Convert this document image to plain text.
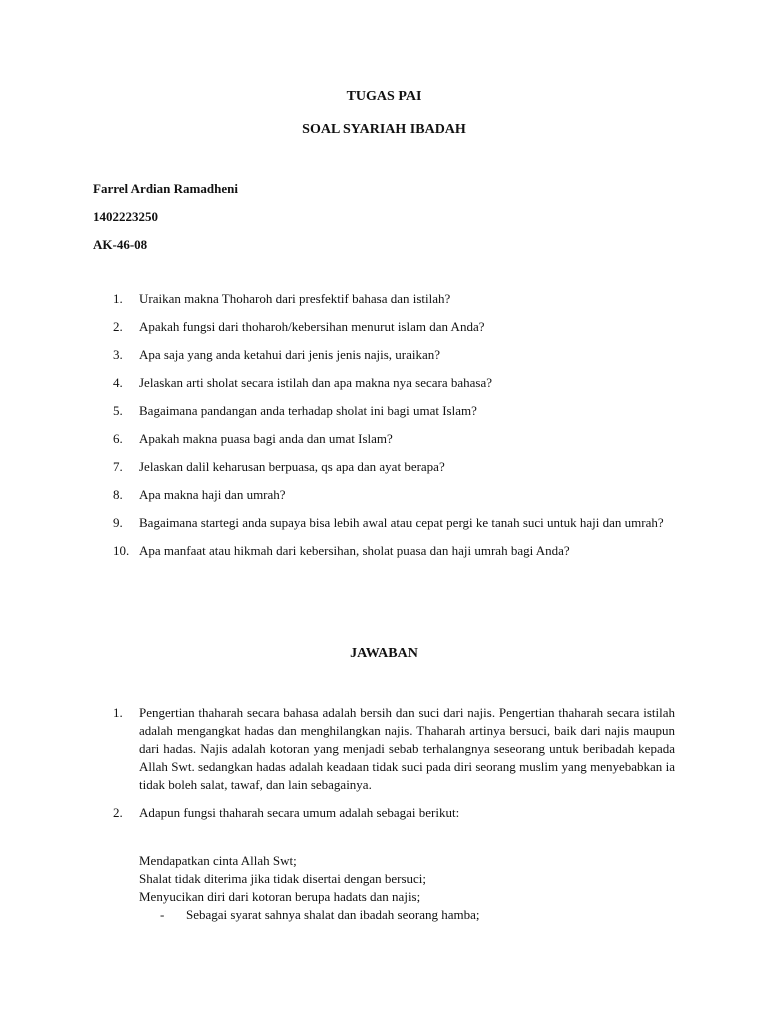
TUGAS PAI
SOAL SYARIAH IBADAH
Farrel Ardian Ramadheni
1402223250
AK-46-08
1.	Uraikan makna Thoharoh dari presfektif bahasa dan istilah?
2.	Apakah fungsi dari thoharoh/kebersihan menurut islam dan Anda?
3.	Apa saja yang anda ketahui dari jenis jenis najis, uraikan?
4.	Jelaskan arti sholat secara istilah dan apa makna nya secara bahasa?
5.	Bagaimana pandangan anda terhadap sholat ini bagi umat Islam?
6.	Apakah makna puasa bagi anda dan umat Islam?
7.	Jelaskan dalil keharusan berpuasa, qs apa dan ayat berapa?
8.	Apa makna haji dan umrah?
9.	Bagaimana startegi anda supaya bisa lebih awal atau cepat pergi ke tanah suci untuk haji dan umrah?
10. Apa manfaat atau hikmah dari kebersihan, sholat puasa dan haji umrah bagi Anda?
JAWABAN
1. Pengertian thaharah secara bahasa adalah bersih dan suci dari najis. Pengertian thaharah secara istilah adalah mengangkat hadas dan menghilangkan najis. Thaharah artinya bersuci, baik dari najis maupun dari hadas. Najis adalah kotoran yang menjadi sebab terhalangnya seseorang untuk beribadah kepada Allah Swt. sedangkan hadas adalah keadaan tidak suci pada diri seorang muslim yang menyebabkan ia tidak boleh salat, tawaf, dan lain sebagainya.
2. Adapun fungsi thaharah secara umum adalah sebagai berikut:
Mendapatkan cinta Allah Swt;
Shalat tidak diterima jika tidak disertai dengan bersuci;
Menyucikan diri dari kotoran berupa hadats dan najis;
- Sebagai syarat sahnya shalat dan ibadah seorang hamba;
